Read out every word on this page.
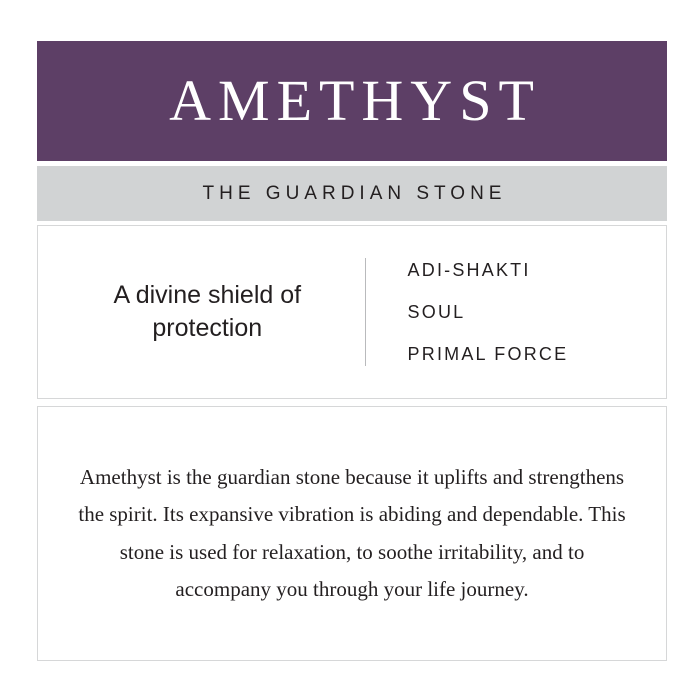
AMETHYST
THE GUARDIAN STONE
A divine shield of protection
ADI-SHAKTI
SOUL
PRIMAL FORCE
Amethyst is the guardian stone because it uplifts and strengthens the spirit. Its expansive vibration is abiding and dependable. This stone is used for relaxation, to soothe irritability, and to accompany you through your life journey.
